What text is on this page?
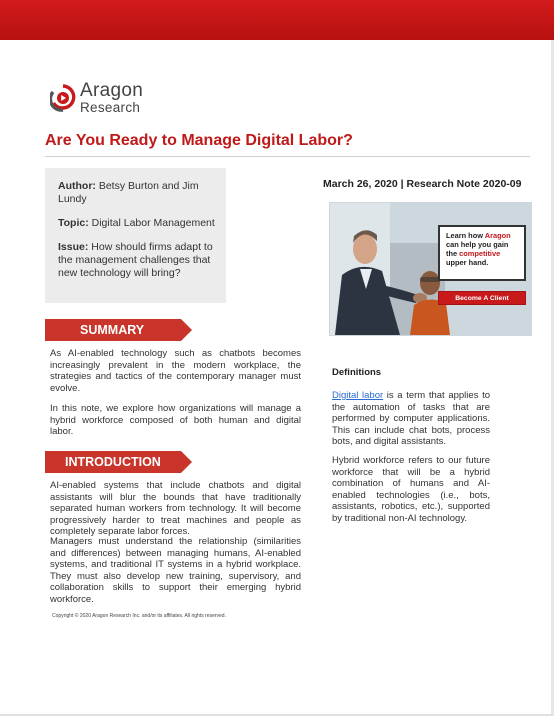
Aragon
Research
Are You Ready to Manage Digital Labor?

Author: Betsy Burton and Jim Lundy

Topic: Digital Labor Management

Issue: How should firms adapt to the management challenges that new technology will bring?

March 26, 2020 | Research Note 2020-09

Learn how Aragon can help you gain the competitive upper hand.
Become A Client
SUMMARY

As AI-enabled technology such as chatbots becomes increasingly prevalent in the modern workplace, the strategies and tactics of the contemporary manager must evolve.

In this note, we explore how organizations will manage a hybrid workforce composed of both human and digital labor.

INTRODUCTION

AI-enabled systems that include chatbots and digital assistants will blur the bounds that have traditionally separated human workers from technology. It will become progressively harder to treat machines and people as completely separate labor forces.

Managers must understand the relationship (similarities and differences) between managing humans, AI-enabled systems, and traditional IT systems in a hybrid workplace. They must also develop new training, supervisory, and collaboration skills to support their emerging hybrid workforce.

Definitions

Digital labor is a term that applies to the automation of tasks that are performed by computer applications. This can include chat bots, process bots, and digital assistants.

Hybrid workforce refers to our future workforce that will be a hybrid combination of humans and AI-enabled technologies (i.e., bots, assistants, robotics, etc.), supported by traditional non-AI technology.

Copyright © 2020 Aragon Research Inc. and/or its affiliates. All rights reserved.
